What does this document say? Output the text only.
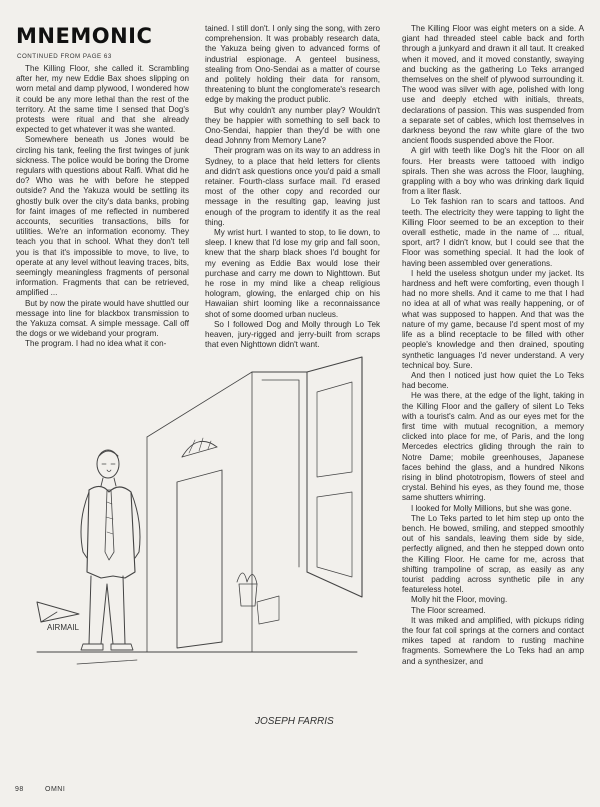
MNEMONIC
CONTINUED FROM PAGE 63

The Killing Floor, she called it. Scrambling after her, my new Eddie Bax shoes slipping on worn metal and damp plywood, I wondered how it could be any more lethal than the rest of the territory. At the same time I sensed that Dog's protests were ritual and that she already expected to get whatever it was she wanted.

Somewhere beneath us Jones would be circling his tank, feeling the first twinges of junk sickness. The police would be boring the Drome regulars with questions about Ralfi. What did he do? Who was he with before he stepped outside? And the Yakuza would be settling its ghostly bulk over the city's data banks, probing for faint images of me reflected in numbered accounts, securities transactions, bills for utilities. We're an information economy. They teach you that in school. What they don't tell you is that it's impossible to move, to live, to operate at any level without leaving traces, bits, seemingly meaningless fragments of personal information. Fragments that can be retrieved, amplified ...

But by now the pirate would have shuttled our message into line for blackbox transmission to the Yakuza comsat. A simple message. Call off the dogs or we wideband your program.

The program. I had no idea what it con-

tained. I still don't. I only sing the song, with zero comprehension. It was probably research data, the Yakuza being given to advanced forms of industrial espionage. A genteel business, stealing from Ono-Sendai as a matter of course and politely holding their data for ransom, threatening to blunt the conglomerate's research edge by making the product public.

But why couldn't any number play? Wouldn't they be happier with something to sell back to Ono-Sendai, happier than they'd be with one dead Johnny from Memory Lane?

Their program was on its way to an address in Sydney, to a place that held letters for clients and didn't ask questions once you'd paid a small retainer. Fourth-class surface mail. I'd erased most of the other copy and recorded our message in the resulting gap, leaving just enough of the program to identify it as the real thing.

My wrist hurt. I wanted to stop, to lie down, to sleep. I knew that I'd lose my grip and fall soon, knew that the sharp black shoes I'd bought for my evening as Eddie Bax would lose their purchase and carry me down to Nighttown. But he rose in my mind like a cheap religious hologram, glowing, the enlarged chip on his Hawaiian shirt looming like a reconnaissance shot of some doomed urban nucleus.

So I followed Dog and Molly through Lo Tek heaven, jury-rigged and jerry-built from scraps that even Nighttown didn't want.

The Killing Floor was eight meters on a side. A giant had threaded steel cable back and forth through a junkyard and drawn it all taut. It creaked when it moved, and it moved constantly, swaying and bucking as the gathering Lo Teks arranged themselves on the shelf of plywood surrounding it. The wood was silver with age, polished with long use and deeply etched with initials, threats, declarations of passion. This was suspended from a separate set of cables, which lost themselves in darkness beyond the raw white glare of the two ancient floods suspended above the Floor.

A girl with teeth like Dog's hit the Floor on all fours. Her breasts were tattooed with indigo spirals. Then she was across the Floor, laughing, grappling with a boy who was drinking dark liquid from a liter flask.

Lo Tek fashion ran to scars and tattoos. And teeth. The electricity they were tapping to light the Killing Floor seemed to be an exception to their overall esthetic, made in the name of ... ritual, sport, art? I didn't know, but I could see that the Floor was something special. It had the look of having been assembled over generations.

I held the useless shotgun under my jacket. Its hardness and heft were comforting, even though I had no more shells. And it came to me that I had no idea at all of what was really happening, or of what was supposed to happen. And that was the nature of my game, because I'd spent most of my life as a blind receptacle to be filled with other people's knowledge and then drained, spouting synthetic languages I'd never understand. A very technical boy. Sure.

And then I noticed just how quiet the Lo Teks had become.

He was there, at the edge of the light, taking in the Killing Floor and the gallery of silent Lo Teks with a tourist's calm. And as our eyes met for the first time with mutual recognition, a memory clicked into place for me, of Paris, and the long Mercedes electrics gliding through the rain to Notre Dame; mobile greenhouses, Japanese faces behind the glass, and a hundred Nikons rising in blind phototropism, flowers of steel and crystal. Behind his eyes, as they found me, those same shutters whirring.

I looked for Molly Millions, but she was gone.

The Lo Teks parted to let him step up onto the bench. He bowed, smiling, and stepped smoothly out of his sandals, leaving them side by side, perfectly aligned, and then he stepped down onto the Killing Floor. He came for me, across that shifting trampoline of scrap, as easily as any tourist padding across synthetic pile in any featureless hotel.

Molly hit the Floor, moving.

The Floor screamed.

It was miked and amplified, with pickups riding the four fat coil springs at the corners and contact mikes taped at random to rusting machine fragments. Somewhere the Lo Teks had an amp and a synthesizer, and

AIRMAIL
JOSEPH FARRIS
98	OMNI
